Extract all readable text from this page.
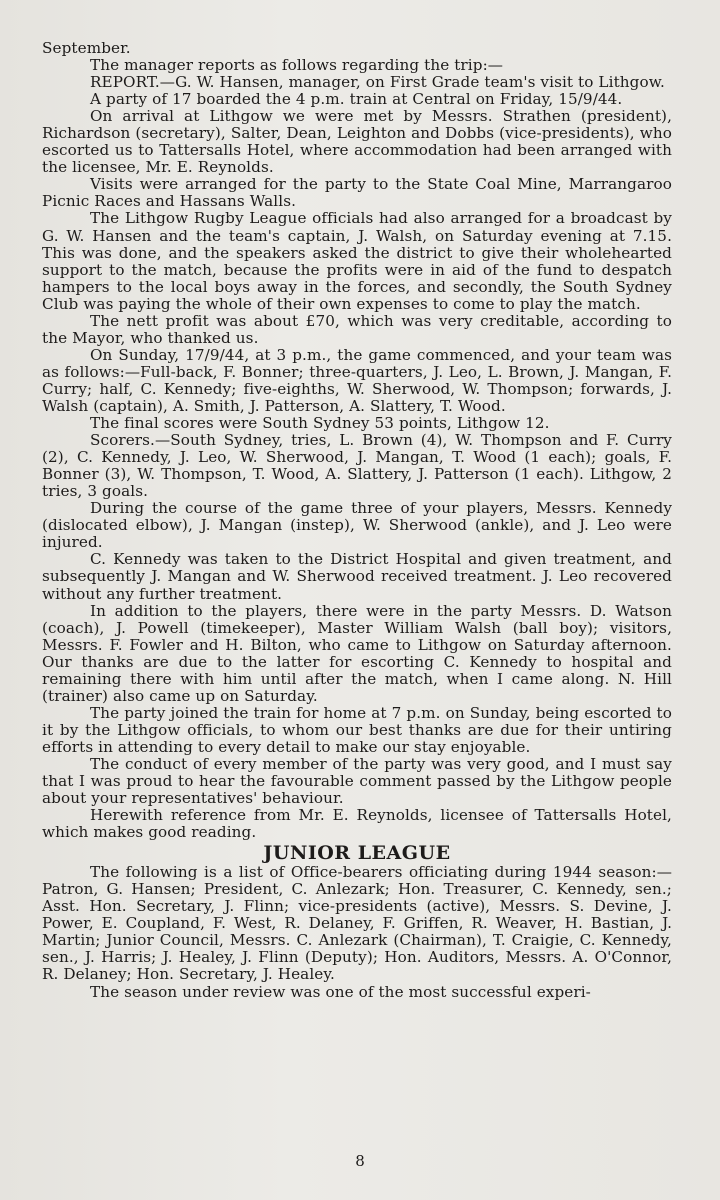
September.

The manager reports as follows regarding the trip:—

REPORT.—G. W. Hansen, manager, on First Grade team's visit to Lithgow.

A party of 17 boarded the 4 p.m. train at Central on Friday, 15/9/44.

On arrival at Lithgow we were met by Messrs. Strathen (president), Richardson (secretary), Salter, Dean, Leighton and Dobbs (vice-presidents), who escorted us to Tattersalls Hotel, where accommodation had been arranged with the licensee, Mr. E. Reynolds.

Visits were arranged for the party to the State Coal Mine, Marrangaroo Picnic Races and Hassans Walls.

The Lithgow Rugby League officials had also arranged for a broadcast by G. W. Hansen and the team's captain, J. Walsh, on Saturday evening at 7.15. This was done, and the speakers asked the district to give their wholehearted support to the match, because the profits were in aid of the fund to despatch hampers to the local boys away in the forces, and secondly, the South Sydney Club was paying the whole of their own expenses to come to play the match.

The nett profit was about £70, which was very creditable, according to the Mayor, who thanked us.

On Sunday, 17/9/44, at 3 p.m., the game commenced, and your team was as follows:—Full-back, F. Bonner; three-quarters, J. Leo, L. Brown, J. Mangan, F. Curry; half, C. Kennedy; five-eighths, W. Sherwood, W. Thompson; forwards, J. Walsh (captain), A. Smith, J. Patterson, A. Slattery, T. Wood.

The final scores were South Sydney 53 points, Lithgow 12.

Scorers.—South Sydney, tries, L. Brown (4), W. Thompson and F. Curry (2), C. Kennedy, J. Leo, W. Sherwood, J. Mangan, T. Wood (1 each); goals, F. Bonner (3), W. Thompson, T. Wood, A. Slattery, J. Patterson (1 each). Lithgow, 2 tries, 3 goals.

During the course of the game three of your players, Messrs. Kennedy (dislocated elbow), J. Mangan (instep), W. Sherwood (ankle), and J. Leo were injured.

C. Kennedy was taken to the District Hospital and given treatment, and subsequently J. Mangan and W. Sherwood received treatment. J. Leo recovered without any further treatment.

In addition to the players, there were in the party Messrs. D. Watson (coach), J. Powell (timekeeper), Master William Walsh (ball boy); visitors, Messrs. F. Fowler and H. Bilton, who came to Lithgow on Saturday afternoon. Our thanks are due to the latter for escorting C. Kennedy to hospital and remaining there with him until after the match, when I came along. N. Hill (trainer) also came up on Saturday.

The party joined the train for home at 7 p.m. on Sunday, being escorted to it by the Lithgow officials, to whom our best thanks are due for their untiring efforts in attending to every detail to make our stay enjoyable.

The conduct of every member of the party was very good, and I must say that I was proud to hear the favourable comment passed by the Lithgow people about your representatives' behaviour.

Herewith reference from Mr. E. Reynolds, licensee of Tattersalls Hotel, which makes good reading.

JUNIOR LEAGUE

The following is a list of Office-bearers officiating during 1944 season:—Patron, G. Hansen; President, C. Anlezark; Hon. Treasurer, C. Kennedy, sen.; Asst. Hon. Secretary, J. Flinn; vice-presidents (active), Messrs. S. Devine, J. Power, E. Coupland, F. West, R. Delaney, F. Griffen, R. Weaver, H. Bastian, J. Martin; Junior Council, Messrs. C. Anlezark (Chairman), T. Craigie, C. Kennedy, sen., J. Harris; J. Healey, J. Flinn (Deputy); Hon. Auditors, Messrs. A. O'Connor, R. Delaney; Hon. Secretary, J. Healey.

The season under review was one of the most successful experi-

8
